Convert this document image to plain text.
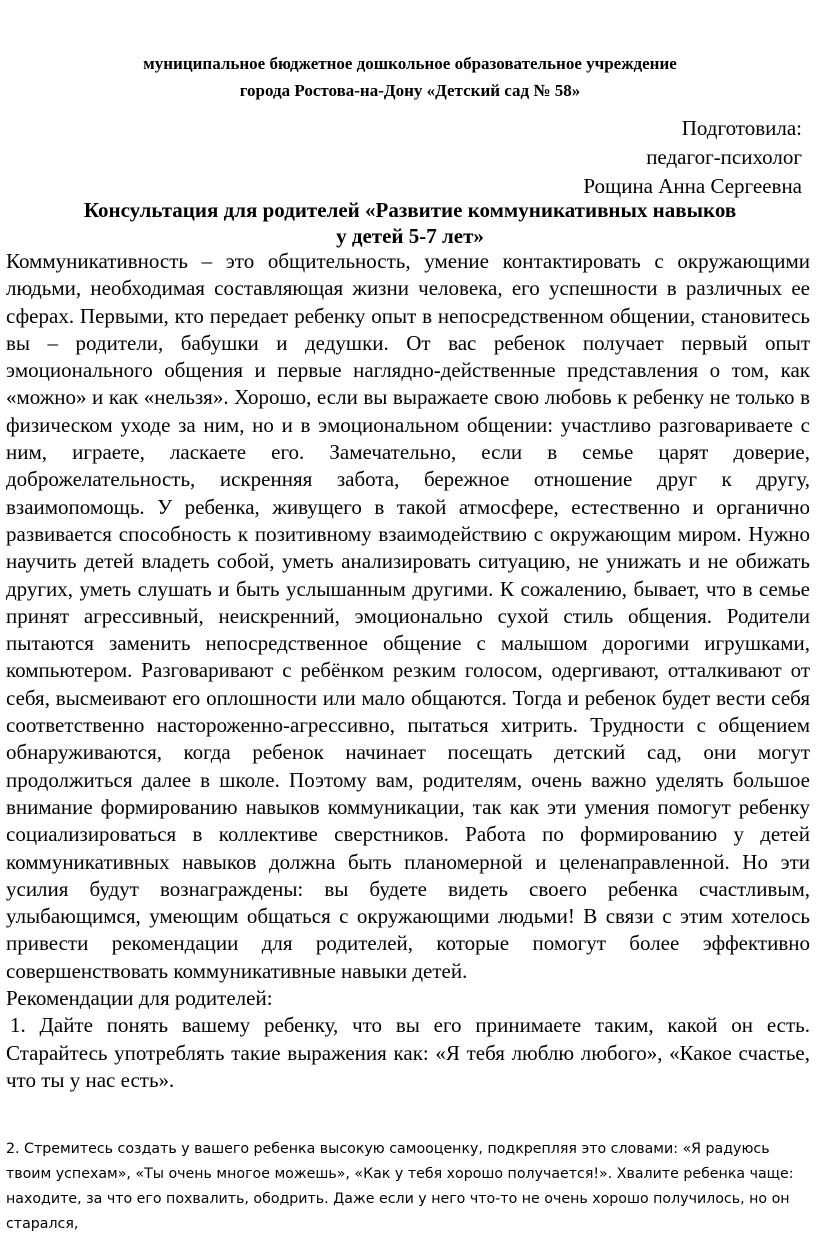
муниципальное бюджетное дошкольное образовательное учреждение
города Ростова-на-Дону «Детский сад № 58»
Подготовила:
педагог-психолог
Рощина Анна Сергеевна
Консультация для родителей «Развитие коммуникативных навыков
у детей 5-7 лет»

Коммуникативность – это общительность, умение контактировать с окружающими людьми, необходимая составляющая жизни человека, его успешности в различных ее сферах. Первыми, кто передает ребенку опыт в непосредственном общении, становитесь вы – родители, бабушки и дедушки. От вас ребенок получает первый опыт эмоционального общения и первые наглядно-действенные представления о том, как «можно» и как «нельзя». Хорошо, если вы выражаете свою любовь к ребенку не только в физическом уходе за ним, но и в эмоциональном общении: участливо разговариваете с ним, играете, ласкаете его. Замечательно, если в семье царят доверие, доброжелательность, искренняя забота, бережное отношение друг к другу, взаимопомощь. У ребенка, живущего в такой атмосфере, естественно и органично развивается способность к позитивному взаимодействию с окружающим миром. Нужно научить детей владеть собой, уметь анализировать ситуацию, не унижать и не обижать других, уметь слушать и быть услышанным другими. К сожалению, бывает, что в семье принят агрессивный, неискренний, эмоционально сухой стиль общения. Родители пытаются заменить непосредственное общение с малышом дорогими игрушками, компьютером. Разговаривают с ребёнком резким голосом, одергивают, отталкивают от себя, высмеивают его оплошности или мало общаются. Тогда и ребенок будет вести себя соответственно настороженно-агрессивно, пытаться хитрить. Трудности с общением обнаруживаются, когда ребенок начинает посещать детский сад, они могут продолжиться далее в школе. Поэтому вам, родителям, очень важно уделять большое внимание формированию навыков коммуникации, так как эти умения помогут ребенку социализироваться в коллективе сверстников. Работа по формированию у детей коммуникативных навыков должна быть планомерной и целенаправленной. Но эти усилия будут вознаграждены: вы будете видеть своего ребенка счастливым, улыбающимся, умеющим общаться с окружающими людьми! В связи с этим хотелось привести рекомендации для родителей, которые помогут более эффективно совершенствовать коммуникативные навыки детей.

Рекомендации для родителей:

1. Дайте понять вашему ребенку, что вы его принимаете таким, какой он есть. Старайтесь употреблять такие выражения как: «Я тебя люблю любого», «Какое счастье, что ты у нас есть».

2. Стремитесь создать у вашего ребенка высокую самооценку, подкрепляя это словами: «Я радуюсь твоим успехам», «Ты очень многое можешь», «Как у тебя хорошо получается!». Хвалите ребенка чаще: находите, за что его похвалить, ободрить. Даже если у него что-то не очень хорошо получилось, но он старался,
